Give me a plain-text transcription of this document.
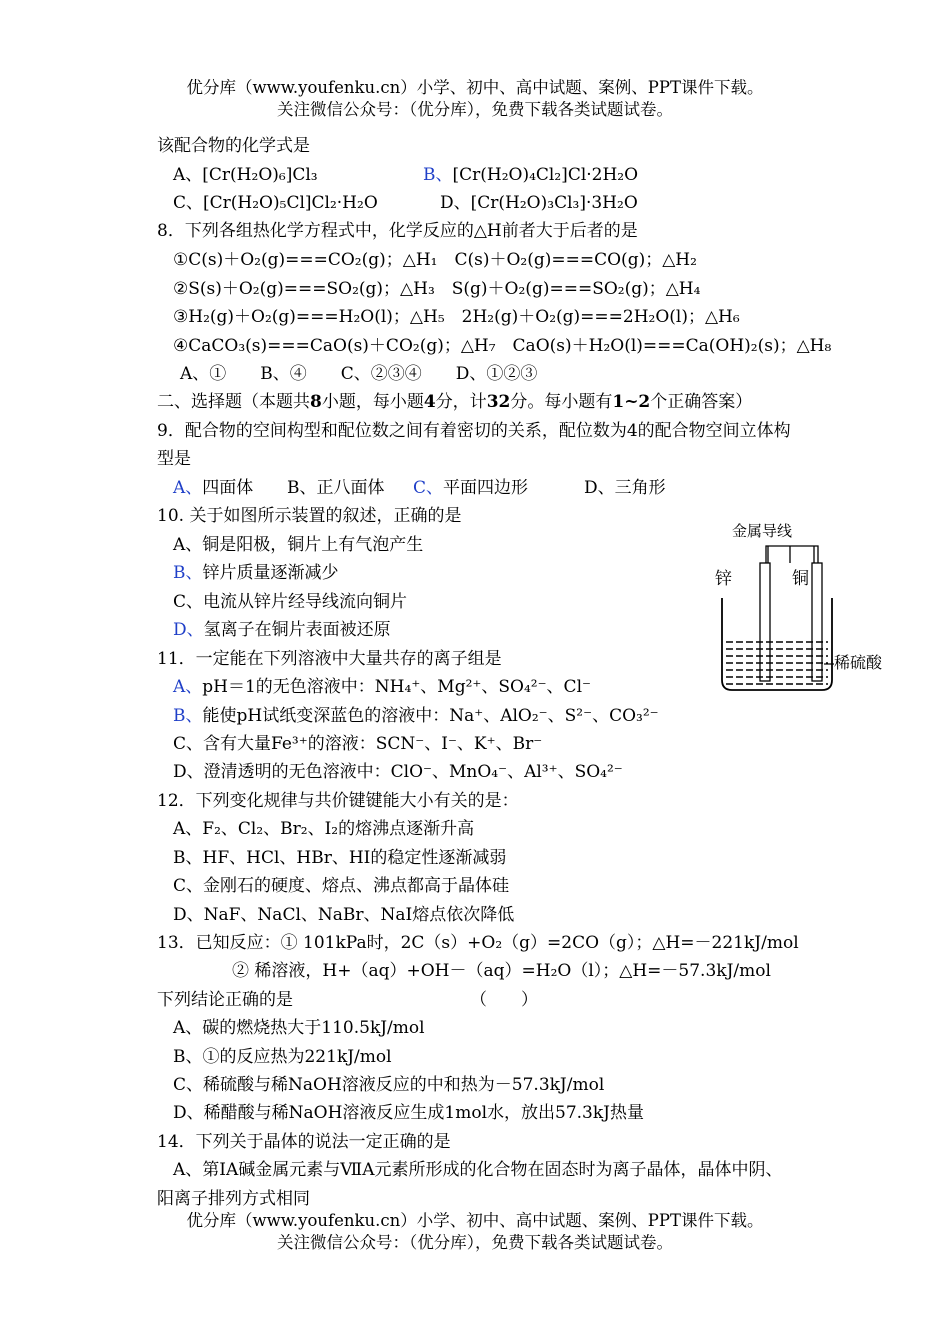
优分库（www.youfenku.cn）小学、初中、高中试题、案例、PPT课件下载。
关注微信公众号：（优分库），免费下载各类试题试卷。
该配合物的化学式是
A、[Cr(H₂O)₆]Cl₃	B、[Cr(H₂O)₄Cl₂]Cl·2H₂O
C、[Cr(H₂O)₅Cl]Cl₂·H₂O	D、[Cr(H₂O)₃Cl₃]·3H₂O
8．下列各组热化学方程式中，化学反应的△H前者大于后者的是
①C(s)＋O₂(g)===CO₂(g)；△H₁　C(s)＋O₂(g)===CO(g)；△H₂
②S(s)＋O₂(g)===SO₂(g)；△H₃　S(g)＋O₂(g)===SO₂(g)；△H₄
③H₂(g)＋O₂(g)===H₂O(l)；△H₅　2H₂(g)＋O₂(g)===2H₂O(l)；△H₆
④CaCO₃(s)===CaO(s)＋CO₂(g)；△H₇　CaO(s)＋H₂O(l)===Ca(OH)₂(s)；△H₈
A、①　　B、④　　C、②③④　　D、①②③
二、选择题（本题共8小题，每小题4分，计32分。每小题有1~2个正确答案）
9．配合物的空间构型和配位数之间有着密切的关系，配位数为4的配合物空间立体构
型是
A、四面体 B、正八面体 C、平面四边形	D、三角形
10. 关于如图所示装置的叙述，正确的是
A、铜是阳极，铜片上有气泡产生
B、锌片质量逐渐减少
C、电流从锌片经导线流向铜片
D、氢离子在铜片表面被还原
金属导线
锌	铜
稀硫酸
11．一定能在下列溶液中大量共存的离子组是
A、pH＝1的无色溶液中：NH₄⁺、Mg²⁺、SO₄²⁻、Cl⁻
B、能使pH试纸变深蓝色的溶液中：Na⁺、AlO₂⁻、S²⁻、CO₃²⁻
C、含有大量Fe³⁺的溶液：SCN⁻、I⁻、K⁺、Br⁻
D、澄清透明的无色溶液中：ClO⁻、MnO₄⁻、Al³⁺、SO₄²⁻
12．下列变化规律与共价键键能大小有关的是：
A、F₂、Cl₂、Br₂、I₂的熔沸点逐渐升高
B、HF、HCl、HBr、HI的稳定性逐渐减弱
C、金刚石的硬度、熔点、沸点都高于晶体硅
D、NaF、NaCl、NaBr、NaI熔点依次降低
13．已知反应：① 101kPa时，2C（s）+O₂（g）=2CO（g）；△H=－221kJ/mol
② 稀溶液，H+（aq）+OH－（aq）=H₂O（l）；△H=－57.3kJ/mol
下列结论正确的是	（　　）
A、碳的燃烧热大于110.5kJ/mol
B、①的反应热为221kJ/mol
C、稀硫酸与稀NaOH溶液反应的中和热为－57.3kJ/mol
D、稀醋酸与稀NaOH溶液反应生成1mol水，放出57.3kJ热量
14．下列关于晶体的说法一定正确的是
A、第ⅠA碱金属元素与ⅦA元素所形成的化合物在固态时为离子晶体，晶体中阴、
阳离子排列方式相同
优分库（www.youfenku.cn）小学、初中、高中试题、案例、PPT课件下载。
关注微信公众号：（优分库），免费下载各类试题试卷。
